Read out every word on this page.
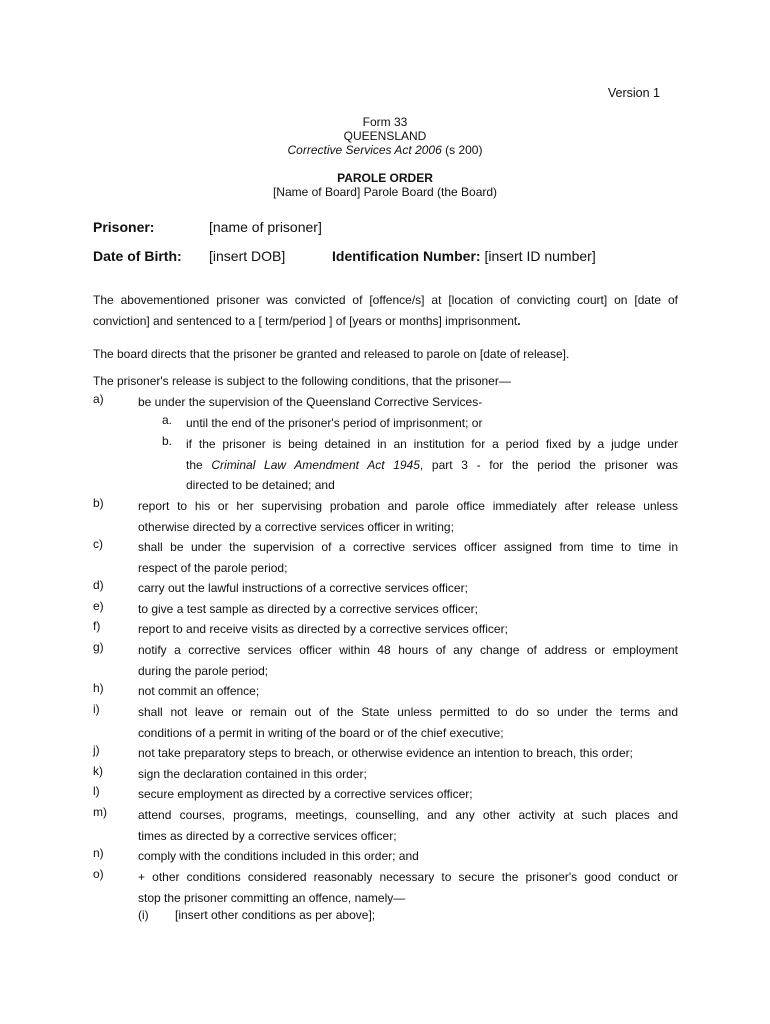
Version 1
Form 33
QUEENSLAND
Corrective Services Act 2006 (s 200)
PAROLE ORDER
[Name of Board] Parole Board (the Board)
Prisoner:	[name of prisoner]
Date of Birth: [insert DOB]	Identification Number: [insert ID number]
The abovementioned prisoner was convicted of [offence/s] at [location of convicting court] on [date of
conviction] and sentenced to a [ term/period ] of [years or months] imprisonment.
The board directs that the prisoner be granted and released to parole on [date of release].
The prisoner's release is subject to the following conditions, that the prisoner—
a)	be under the supervision of the Queensland Corrective Services-
a. until the end of the prisoner's period of imprisonment; or
b. if the prisoner is being detained in an institution for a period fixed by a judge under
the Criminal Law Amendment Act 1945, part 3 - for the period the prisoner was
directed to be detained; and
b)	report to his or her supervising probation and parole office immediately after release unless
otherwise directed by a corrective services officer in writing;
c)	shall be under the supervision of a corrective services officer assigned from time to time in
respect of the parole period;
d)	carry out the lawful instructions of a corrective services officer;
e)	to give a test sample as directed by a corrective services officer;
f)	report to and receive visits as directed by a corrective services officer;
g)	notify a corrective services officer within 48 hours of any change of address or employment
during the parole period;
h)	not commit an offence;
i)	shall not leave or remain out of the State unless permitted to do so under the terms and
conditions of a permit in writing of the board or of the chief executive;
j)	not take preparatory steps to breach, or otherwise evidence an intention to breach, this order;
k)	sign the declaration contained in this order;
l)	secure employment as directed by a corrective services officer;
m)	attend courses, programs, meetings, counselling, and any other activity at such places and
times as directed by a corrective services officer;
n)	comply with the conditions included in this order; and
o)	+ other conditions considered reasonably necessary to secure the prisoner's good conduct or
stop the prisoner committing an offence, namely—
(i) [insert other conditions as per above];
